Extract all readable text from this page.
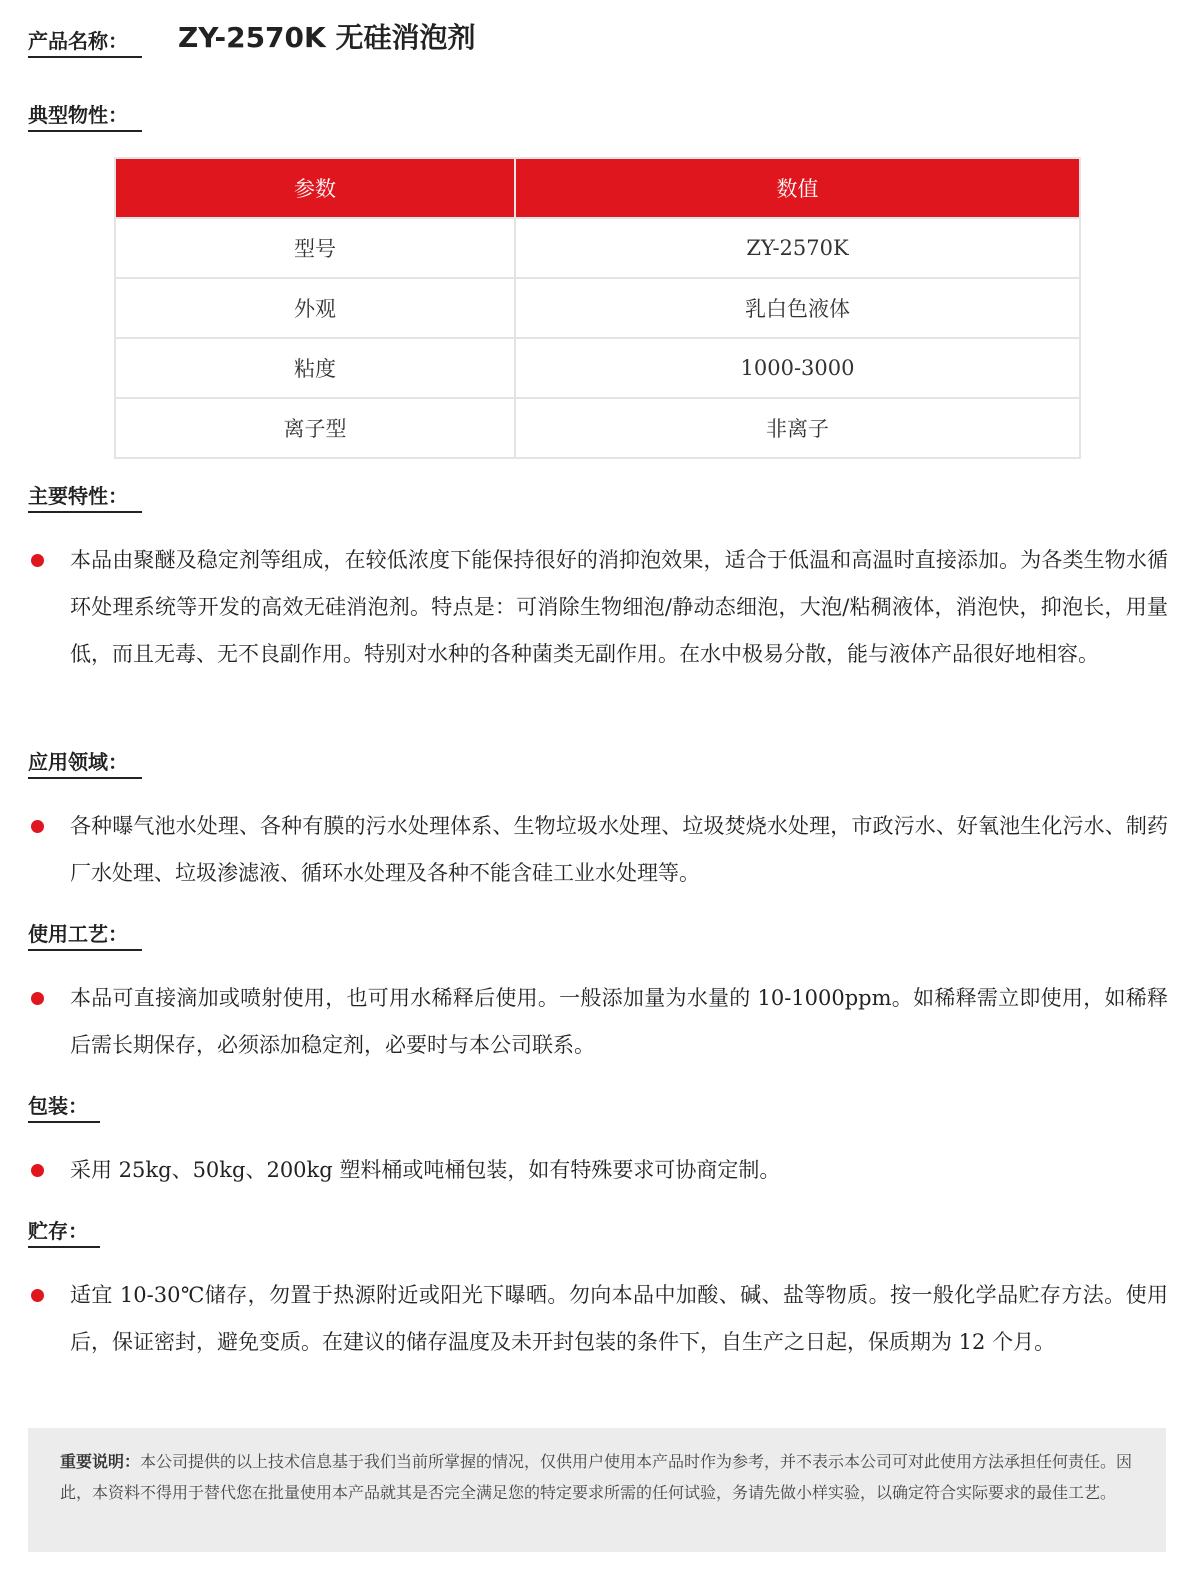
产品名称：	ZY-2570K 无硅消泡剂
典型物性：
参数	数值
型号	ZY-2570K
外观	乳白色液体
粘度	1000-3000
离子型	非离子
主要特性：
本品由聚醚及稳定剂等组成，在较低浓度下能保持很好的消抑泡效果，适合于低温和高温时直接添加。为各类生物水循环处理系统等开发的高效无硅消泡剂。特点是：可消除生物细泡/静动态细泡，大泡/粘稠液体，消泡快，抑泡长，用量低，而且无毒、无不良副作用。特别对水种的各种菌类无副作用。在水中极易分散，能与液体产品很好地相容。
应用领域：
各种曝气池水处理、各种有膜的污水处理体系、生物垃圾水处理、垃圾焚烧水处理，市政污水、好氧池生化污水、制药厂水处理、垃圾渗滤液、循环水处理及各种不能含硅工业水处理等。
使用工艺：
本品可直接滴加或喷射使用，也可用水稀释后使用。一般添加量为水量的 10-1000ppm。如稀释需立即使用，如稀释后需长期保存，必须添加稳定剂，必要时与本公司联系。
包装：
采用 25kg、50kg、200kg 塑料桶或吨桶包装，如有特殊要求可协商定制。
贮存：
适宜 10-30℃储存，勿置于热源附近或阳光下曝晒。勿向本品中加酸、碱、盐等物质。按一般化学品贮存方法。使用后，保证密封，避免变质。在建议的储存温度及未开封包装的条件下，自生产之日起，保质期为 12 个月。
重要说明：本公司提供的以上技术信息基于我们当前所掌握的情况，仅供用户使用本产品时作为参考，并不表示本公司可对此使用方法承担任何责任。因此，本资料不得用于替代您在批量使用本产品就其是否完全满足您的特定要求所需的任何试验，务请先做小样实验，以确定符合实际要求的最佳工艺。
